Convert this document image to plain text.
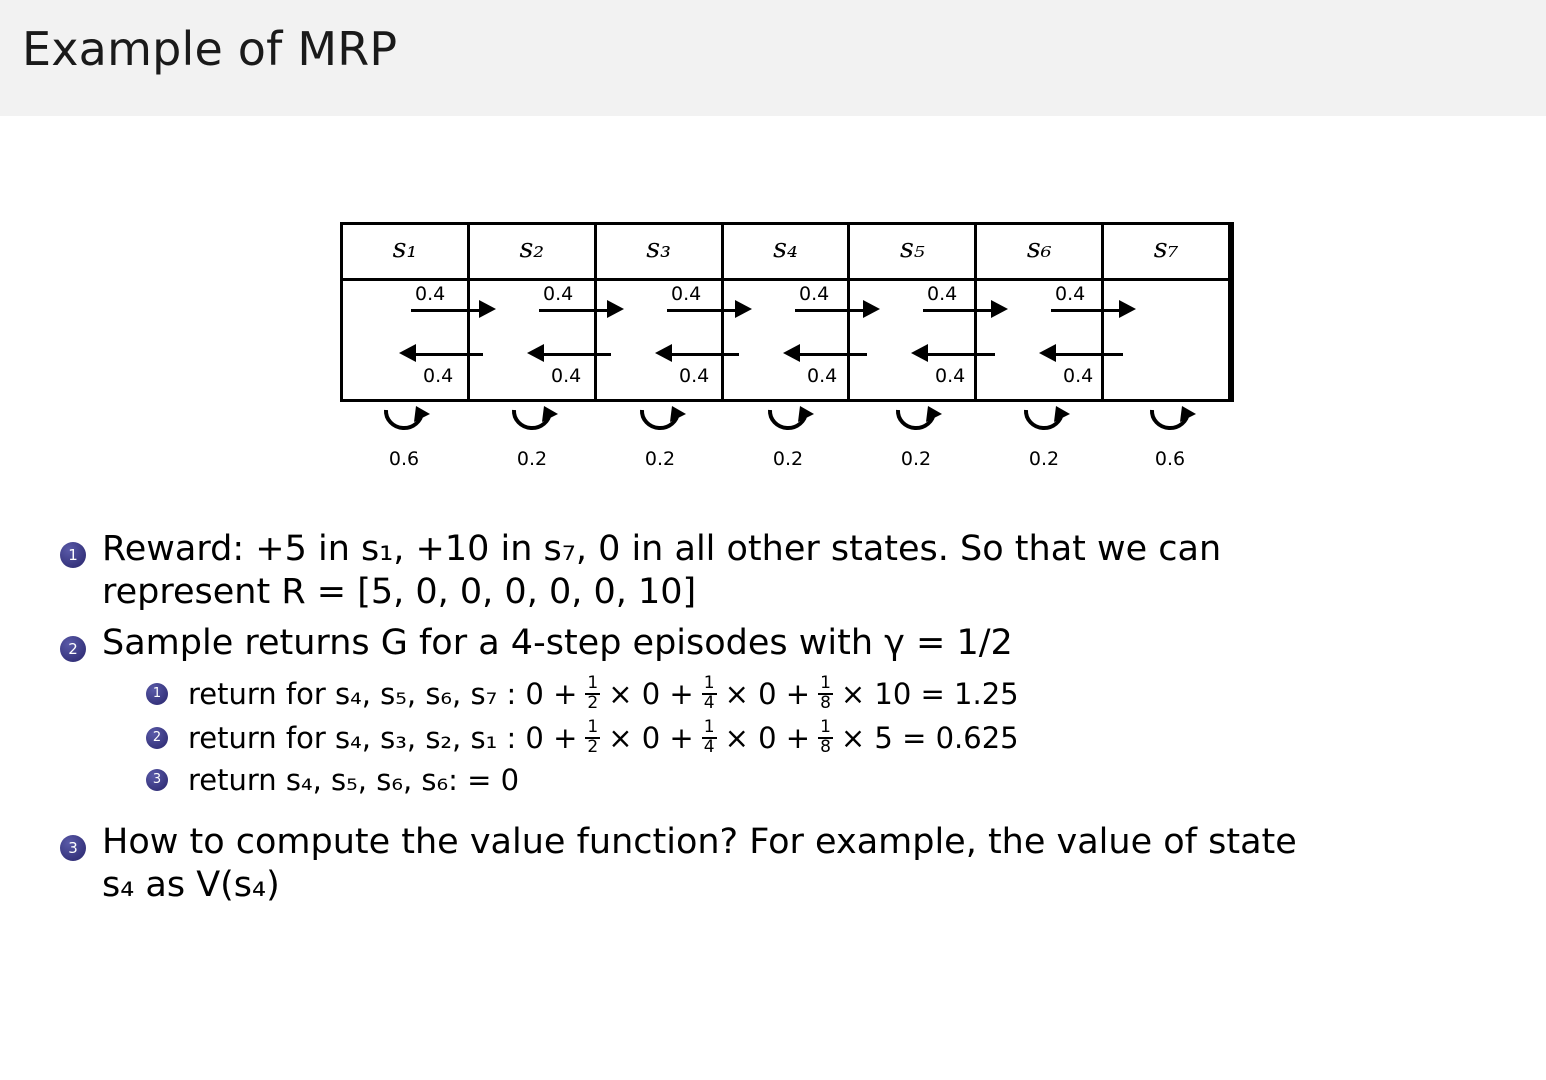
Example of MRP
s₁	s₂	s₃	s₄	s₅	s₆	s₇
0.4
0.4
0.4
0.4
0.4
0.4
0.4
0.4
0.4
0.4
0.4
0.4
0.6	0.2	0.2	0.2	0.2	0.2	0.6
1 Reward: +5 in s₁, +10 in s₇, 0 in all other states. So that we can
represent R = [5, 0, 0, 0, 0, 0, 10]
2 Sample returns G for a 4-step episodes with γ = 1/2
1 return for s₄, s₅, s₆, s₇ : $0 + \frac{1}{2} \times 0 + \frac{1}{4} \times 0 + \frac{1}{8} \times 10 = 1.25$
2 return for s₄, s₃, s₂, s₁ : $0 + \frac{1}{2} \times 0 + \frac{1}{4} \times 0 + \frac{1}{8} \times 5 = 0.625$
3 return s₄, s₅, s₆, s₆: = 0
3 How to compute the value function? For example, the value of state
s₄ as V(s₄)
